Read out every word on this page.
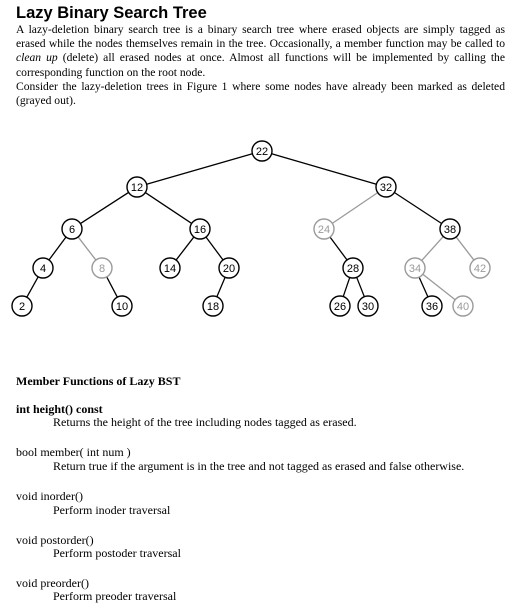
Lazy Binary Search Tree

A lazy-deletion binary search tree is a binary search tree where erased objects are simply tagged as erased while the nodes themselves remain in the tree. Occasionally, a member function may be called to clean up (delete) all erased nodes at once. Almost all functions will be implemented by calling the corresponding function on the root node.

Consider the lazy-deletion trees in Figure 1 where some nodes have already been marked as deleted (grayed out).

22
12	32
6	16	24	38
4	8	14	20	28	34	42
2	10	18	26 30	36 40
Member Functions of Lazy BST
int height() const
Returns the height of the tree including nodes tagged as erased.
bool member( int num )
Return true if the argument is in the tree and not tagged as erased and false otherwise.
void inorder()
Perform inoder traversal
void postorder()
Perform postoder traversal
void preorder()
Perform preoder traversal
